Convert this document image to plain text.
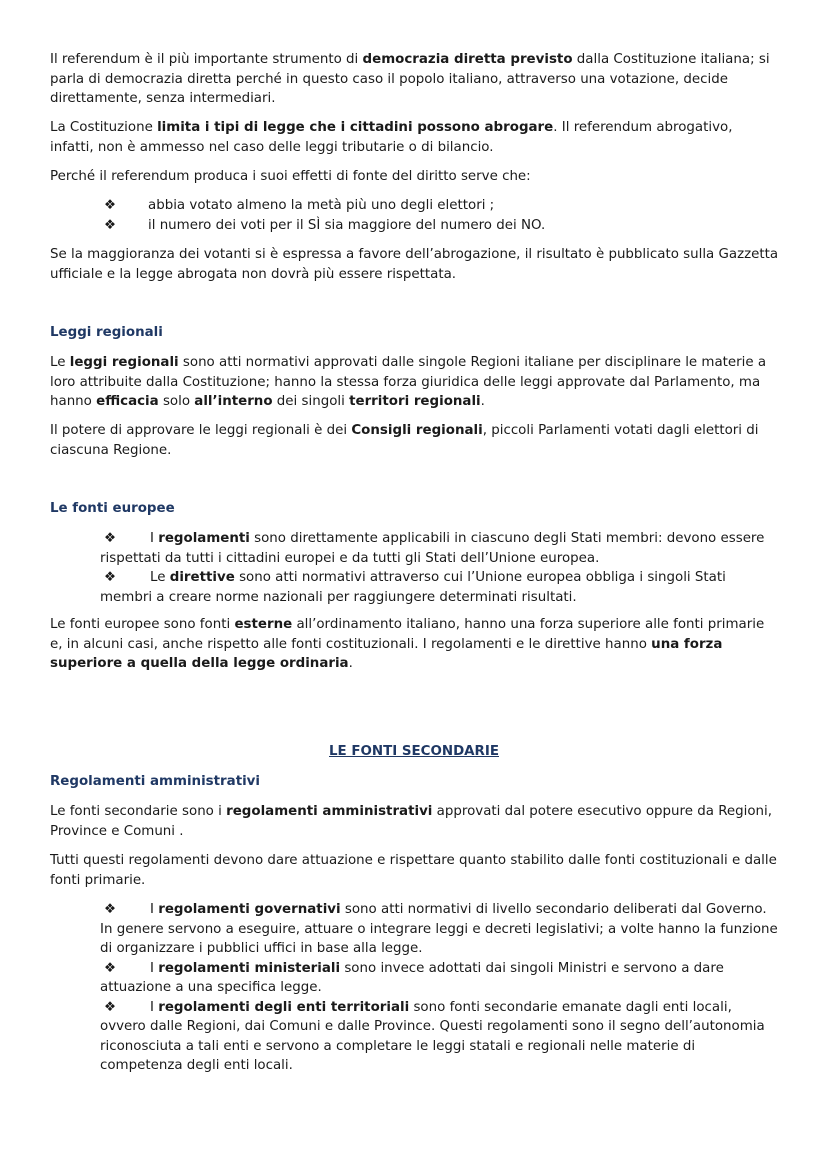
Il referendum è il più importante strumento di democrazia diretta previsto dalla Costituzione italiana; si parla di democrazia diretta perché in questo caso il popolo italiano, attraverso una votazione, decide direttamente, senza intermediari.

La Costituzione limita i tipi di legge che i cittadini possono abrogare. Il referendum abrogativo, infatti, non è ammesso nel caso delle leggi tributarie o di bilancio.

Perché il referendum produca i suoi effetti di fonte del diritto serve che:

❖ abbia votato almeno la metà più uno degli elettori ;
❖ il numero dei voti per il SÌ sia maggiore del numero dei NO.

Se la maggioranza dei votanti si è espressa a favore dell’abrogazione, il risultato è pubblicato sulla Gazzetta ufficiale e la legge abrogata non dovrà più essere rispettata.

Leggi regionali

Le leggi regionali sono atti normativi approvati dalle singole Regioni italiane per disciplinare le materie a loro attribuite dalla Costituzione; hanno la stessa forza giuridica delle leggi approvate dal Parlamento, ma hanno efficacia solo all’interno dei singoli territori regionali.

Il potere di approvare le leggi regionali è dei Consigli regionali, piccoli Parlamenti votati dagli elettori di ciascuna Regione.

Le fonti europee
❖	I regolamenti sono direttamente applicabili in ciascuno degli Stati membri: devono essere rispettati da tutti i cittadini europei e da tutti gli Stati dell’Unione europea.
❖	Le direttive sono atti normativi attraverso cui l’Unione europea obbliga i singoli Stati membri a creare norme nazionali per raggiungere determinati risultati.

Le fonti europee sono fonti esterne all’ordinamento italiano, hanno una forza superiore alle fonti primarie e, in alcuni casi, anche rispetto alle fonti costituzionali. I regolamenti e le direttive hanno una forza superiore a quella della legge ordinaria.

LE FONTI SECONDARIE
Regolamenti amministrativi

Le fonti secondarie sono i regolamenti amministrativi approvati dal potere esecutivo oppure da Regioni, Province e Comuni .

Tutti questi regolamenti devono dare attuazione e rispettare quanto stabilito dalle fonti costituzionali e dalle fonti primarie.

❖	I regolamenti governativi sono atti normativi di livello secondario deliberati dal Governo. In genere servono a eseguire, attuare o integrare leggi e decreti legislativi; a volte hanno la funzione di organizzare i pubblici uffici in base alla legge.
❖	I regolamenti ministeriali sono invece adottati dai singoli Ministri e servono a dare attuazione a una specifica legge.
❖	I regolamenti degli enti territoriali sono fonti secondarie emanate dagli enti locali, ovvero dalle Regioni, dai Comuni e dalle Province. Questi regolamenti sono il segno dell’autonomia riconosciuta a tali enti e servono a completare le leggi statali e regionali nelle materie di competenza degli enti locali.
